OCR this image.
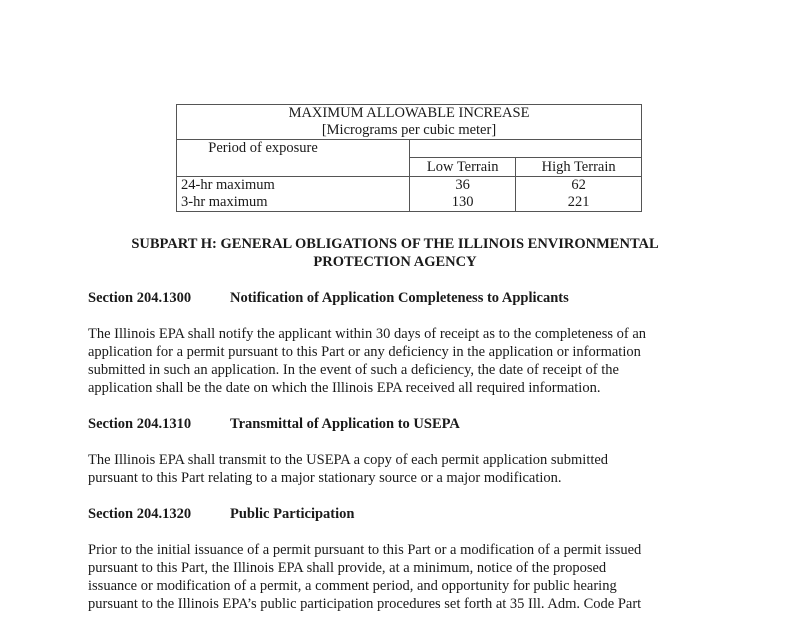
MAXIMUM ALLOWABLE INCREASE
[Micrograms per cubic meter]		

Period of exposure		
	Low Terrain	High Terrain
24-hr maximum	36	62
3-hr maximum	130	221
SUBPART H: GENERAL OBLIGATIONS OF THE ILLINOIS ENVIRONMENTAL
PROTECTION AGENCY
Section 204.1300	Notification of Application Completeness to Applicants
The Illinois EPA shall notify the applicant within 30 days of receipt as to the completeness of an
application for a permit pursuant to this Part or any deficiency in the application or information
submitted in such an application. In the event of such a deficiency, the date of receipt of the
application shall be the date on which the Illinois EPA received all required information.
Section 204.1310	Transmittal of Application to USEPA
The Illinois EPA shall transmit to the USEPA a copy of each permit application submitted
pursuant to this Part relating to a major stationary source or a major modification.
Section 204.1320	Public Participation
Prior to the initial issuance of a permit pursuant to this Part or a modification of a permit issued
pursuant to this Part, the Illinois EPA shall provide, at a minimum, notice of the proposed
issuance or modification of a permit, a comment period, and opportunity for public hearing
pursuant to the Illinois EPA’s public participation procedures set forth at 35 Ill. Adm. Code Part
